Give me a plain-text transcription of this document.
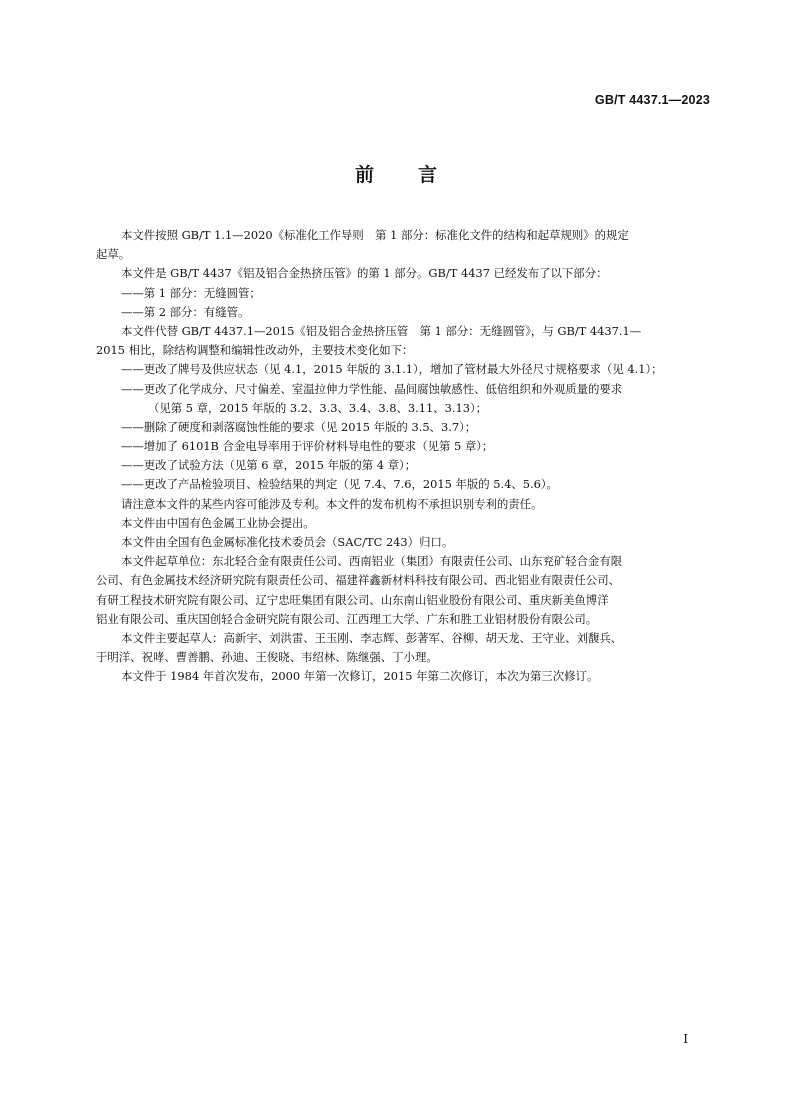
GB/T 4437.1—2023
前 言
本文件按照 GB/T 1.1—2020《标准化工作导则　第 1 部分：标准化文件的结构和起草规则》的规定
起草。
本文件是 GB/T 4437《铝及铝合金热挤压管》的第 1 部分。GB/T 4437 已经发布了以下部分：
——第 1 部分：无缝圆管；
——第 2 部分：有缝管。
本文件代替 GB/T 4437.1—2015《铝及铝合金热挤压管　第 1 部分：无缝圆管》，与 GB/T 4437.1—
2015 相比，除结构调整和编辑性改动外，主要技术变化如下：
——更改了牌号及供应状态（见 4.1，2015 年版的 3.1.1），增加了管材最大外径尺寸规格要求（见 4.1）；
——更改了化学成分、尺寸偏差、室温拉伸力学性能、晶间腐蚀敏感性、低倍组织和外观质量的要求
（见第 5 章，2015 年版的 3.2、3.3、3.4、3.8、3.11、3.13）；
——删除了硬度和剥落腐蚀性能的要求（见 2015 年版的 3.5、3.7）；
——增加了 6101B 合金电导率用于评价材料导电性的要求（见第 5 章）；
——更改了试验方法（见第 6 章，2015 年版的第 4 章）；
——更改了产品检验项目、检验结果的判定（见 7.4、7.6，2015 年版的 5.4、5.6）。
请注意本文件的某些内容可能涉及专利。本文件的发布机构不承担识别专利的责任。
本文件由中国有色金属工业协会提出。
本文件由全国有色金属标准化技术委员会（SAC/TC 243）归口。
本文件起草单位：东北轻合金有限责任公司、西南铝业（集团）有限责任公司、山东兖矿轻合金有限
公司、有色金属技术经济研究院有限责任公司、福建祥鑫新材料科技有限公司、西北铝业有限责任公司、
有研工程技术研究院有限公司、辽宁忠旺集团有限公司、山东南山铝业股份有限公司、重庆新美鱼博洋
铝业有限公司、重庆国创轻合金研究院有限公司、江西理工大学、广东和胜工业铝材股份有限公司。
本文件主要起草人：高新宇、刘洪雷、王玉刚、李志辉、彭著军、谷柳、胡天龙、王守业、刘馥兵、
于明洋、祝哮、曹善鹏、孙迪、王俊晓、韦绍林、陈继强、丁小理。
本文件于 1984 年首次发布，2000 年第一次修订，2015 年第二次修订，本次为第三次修订。
I
